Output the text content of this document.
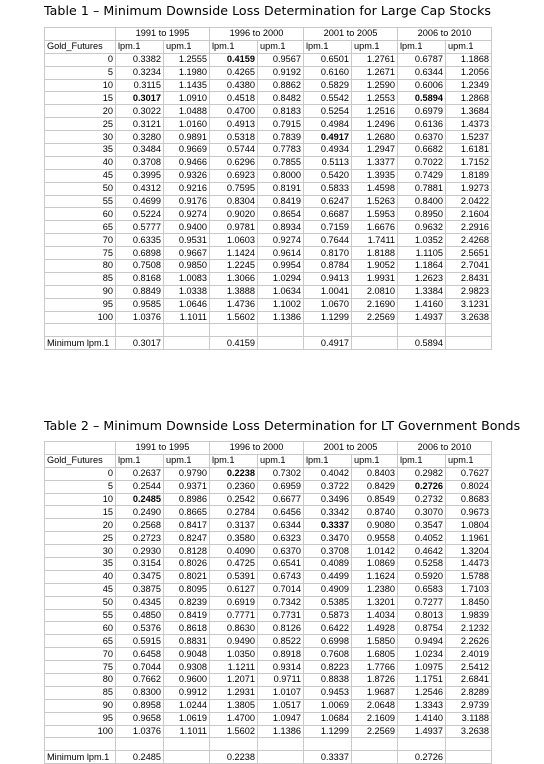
Table 1 – Minimum Downside Loss Determination for Large Cap Stocks
	1991 to 1995		1996 to 2000		2001 to 2005		2006 to 2010	
Gold_Futures	lpm.1	upm.1	lpm.1	upm.1	lpm.1	upm.1	lpm.1	upm.1
0	0.3382	1.2555	0.4159	0.9567	0.6501	1.2761	0.6787	1.1868
5	0.3234	1.1980	0.4265	0.9192	0.6160	1.2671	0.6344	1.2056
10	0.3115	1.1435	0.4380	0.8862	0.5829	1.2590	0.6006	1.2349
15	0.3017	1.0910	0.4518	0.8482	0.5542	1.2553	0.5894	1.2868
20	0.3022	1.0488	0.4700	0.8183	0.5254	1.2516	0.6979	1.3684
25	0.3121	1.0160	0.4913	0.7915	0.4984	1.2496	0.6136	1.4373
30	0.3280	0.9891	0.5318	0.7839	0.4917	1.2680	0.6370	1.5237
35	0.3484	0.9669	0.5744	0.7783	0.4934	1.2947	0.6682	1.6181
40	0.3708	0.9466	0.6296	0.7855	0.5113	1.3377	0.7022	1.7152
45	0.3995	0.9326	0.6923	0.8000	0.5420	1.3935	0.7429	1.8189
50	0.4312	0.9216	0.7595	0.8191	0.5833	1.4598	0.7881	1.9273
55	0.4699	0.9176	0.8304	0.8419	0.6247	1.5263	0.8400	2.0422
60	0.5224	0.9274	0.9020	0.8654	0.6687	1.5953	0.8950	2.1604
65	0.5777	0.9400	0.9781	0.8934	0.7159	1.6676	0.9632	2.2916
70	0.6335	0.9531	1.0603	0.9274	0.7644	1.7411	1.0352	2.4268
75	0.6898	0.9667	1.1424	0.9614	0.8170	1.8188	1.1105	2.5651
80	0.7508	0.9850	1.2245	0.9954	0.8784	1.9052	1.1864	2.7041
85	0.8168	1.0083	1.3066	1.0294	0.9413	1.9931	1.2623	2.8431
90	0.8849	1.0338	1.3888	1.0634	1.0041	2.0810	1.3384	2.9823
95	0.9585	1.0646	1.4736	1.1002	1.0670	2.1690	1.4160	3.1231
100	1.0376	1.1011	1.5602	1.1386	1.1299	2.2569	1.4937	3.2638

Minimum lpm.1	0.3017		0.4159		0.4917		0.5894	
Table 2 – Minimum Downside Loss Determination for LT Government Bonds
	1991 to 1995		1996 to 2000		2001 to 2005		2006 to 2010	
Gold_Futures	lpm.1	upm.1	lpm.1	upm.1	lpm.1	upm.1	lpm.1	upm.1
0	0.2637	0.9790	0.2238	0.7302	0.4042	0.8403	0.2982	0.7627
5	0.2544	0.9371	0.2360	0.6959	0.3722	0.8429	0.2726	0.8024
10	0.2485	0.8986	0.2542	0.6677	0.3496	0.8549	0.2732	0.8683
15	0.2490	0.8665	0.2784	0.6456	0.3342	0.8740	0.3070	0.9673
20	0.2568	0.8417	0.3137	0.6344	0.3337	0.9080	0.3547	1.0804
25	0.2723	0.8247	0.3580	0.6323	0.3470	0.9558	0.4052	1.1961
30	0.2930	0.8128	0.4090	0.6370	0.3708	1.0142	0.4642	1.3204
35	0.3154	0.8026	0.4725	0.6541	0.4089	1.0869	0.5258	1.4473
40	0.3475	0.8021	0.5391	0.6743	0.4499	1.1624	0.5920	1.5788
45	0.3875	0.8095	0.6127	0.7014	0.4909	1.2380	0.6583	1.7103
50	0.4345	0.8239	0.6919	0.7342	0.5385	1.3201	0.7277	1.8450
55	0.4850	0.8419	0.7771	0.7731	0.5873	1.4034	0.8013	1.9839
60	0.5376	0.8618	0.8630	0.8126	0.6422	1.4928	0.8754	2.1232
65	0.5915	0.8831	0.9490	0.8522	0.6998	1.5850	0.9494	2.2626
70	0.6458	0.9048	1.0350	0.8918	0.7608	1.6805	1.0234	2.4019
75	0.7044	0.9308	1.1211	0.9314	0.8223	1.7766	1.0975	2.5412
80	0.7662	0.9600	1.2071	0.9711	0.8838	1.8726	1.1751	2.6841
85	0.8300	0.9912	1.2931	1.0107	0.9453	1.9687	1.2546	2.8289
90	0.8958	1.0244	1.3805	1.0517	1.0069	2.0648	1.3343	2.9739
95	0.9658	1.0619	1.4700	1.0947	1.0684	2.1609	1.4140	3.1188
100	1.0376	1.1011	1.5602	1.1386	1.1299	2.2569	1.4937	3.2638

Minimum lpm.1	0.2485		0.2238		0.3337		0.2726	
